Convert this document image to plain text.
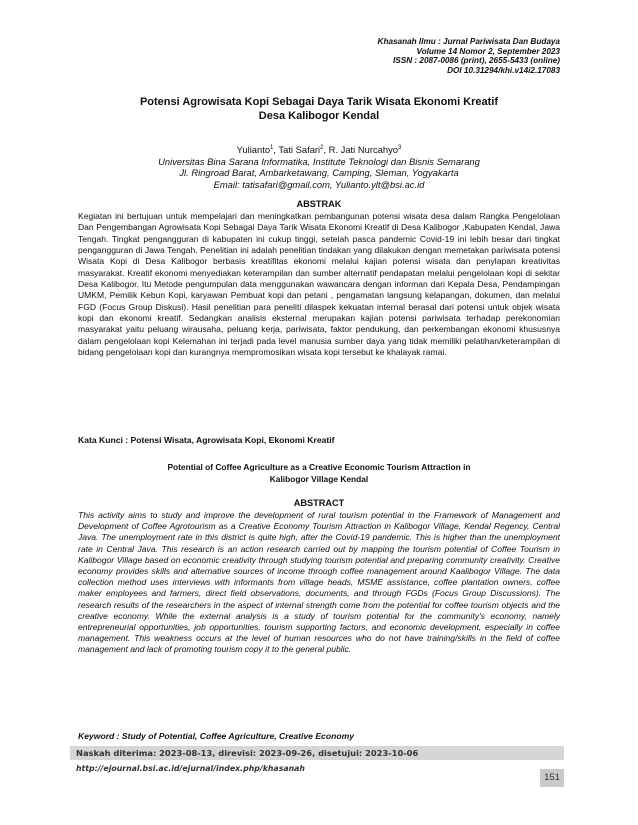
Khasanah Ilmu : Jurnal Pariwisata Dan Budaya
Volume 14 Nomor 2, September 2023
ISSN : 2087-0086 (print), 2655-5433 (online)
DOI 10.31294/khi.v14i2.17083
Potensi Agrowisata Kopi Sebagai Daya Tarik Wisata Ekonomi Kreatif
Desa Kalibogor Kendal
Yulianto$^1$, Tati Safari$^2$, R. Jati Nurcahyo$^3$
Universitas Bina Sarana Informatika, Institute Teknologi dan Bisnis Semarang
Jl. Ringroad Barat, Ambarketawang, Camping, Sleman, Yogyakarta
Email: tatisafari@gmail.com, Yulianto.ylt@bsi.ac.id
ABSTRAK
Kegiatan ini bertujuan untuk mempelajari dan meningkatkan pembangunan potensi wisata desa dalam Rangka Pengelolaan Dan Pengembangan Agrowisata Kopi Sebagai Daya Tarik Wisata Ekonomi Kreatif di Desa Kalibogor ,Kabupaten Kendal, Jawa Tengah. Tingkat pengangguran di kabupaten ini cukup tinggi, setelah pasca pandemic Covid-19 ini lebih besar dari tingkat pengangguran di Jawa Tengah. Penelitian ini adalah penelitian tindakan yang dilakukan dengan memetakan pariwisata potensi Wisata Kopi di Desa Kalibogor berbasis kreatifitas ekonomi melalui kajian potensi wisata dan penylapan kreativitas masyarakat. Kreatif ekonomi menyediakan keterampilan dan sumber alternatif pendapatan melalui pengelolaan kopi di sekitar Desa Kalibogor. Itu Metode pengumpulan data menggunakan wawancara dengan informan dari Kepala Desa, Pendampingan UMKM, Pemilik Kebun Kopi, karyawan Pembuat kopi dan petani , pengamatan langsung kelapangan, dokumen, dan melalui FGD (Focus Group Diskusi). Hasil penelitian para peneliti dilaspek kekuatan internal berasal dari potensi untuk objek wisata kopi dan ekonomi kreatif. Sedangkan analisis eksternal merupakan kajian potensi pariwisata terhadap perekonomian masyarakat yaitu peluang wirausaha, peluang kerja, pariwisata, faktor pendukung, dan perkembangan ekonomi khususnya dalam pengelolaan kopi Kelemahan ini terjadi pada level manusia sumber daya yang tidak memiliki pelatihan/keterampilan di bidang pengelolaan kopi dan kurangnya mempromosikan wisata kopi tersebut ke khalayak ramai.
Kata Kunci : Potensi Wisata, Agrowisata Kopi, Ekonomi Kreatif
Potential of Coffee Agriculture as a Creative Economic Tourism Attraction in
Kalibogor Village Kendal
ABSTRACT
This activity aims to study and improve the development of rural tourism potential in the Framework of Management and Development of Coffee Agrotourism as a Creative Economy Tourism Attraction in Kalibogor Village, Kendal Regency, Central Java. The unemployment rate in this district is quite high, after the Covid-19 pandemic. This is higher than the unemployment rate in Central Java. This research is an action research carried out by mapping the tourism potential of Coffee Tourism in Kalibogor Village based on economic creativity through studying tourism potential and preparing community creativity. Creative economy provides skills and alternative sources of income through coffee management around Kaalibogor Village. The data collection method uses interviews with informants from village heads, MSME assistance, coffee plantation owners, coffee maker employees and farmers, direct field observations, documents, and through FGDs (Focus Group Discussions). The research results of the researchers in the aspect of internal strength come from the potential for coffee tourism objects and the creative economy. While the external analysis is a study of tourism potential for the community's economy, namely entrepreneurial opportunities, job opportunities, tourism supporting factors, and economic development, especially in coffee management. This weakness occurs at the level of human resources who do not have training/skills in the field of coffee management and lack of promoting tourism copy it to the general public.
Keyword : Study of Potential, Coffee Agriculture, Creative Economy
Naskah diterima: 2023-08-13, direvisi: 2023-09-26, disetujui: 2023-10-06
http://ejournal.bsi.ac.id/ejurnal/index.php/khasanah
151
